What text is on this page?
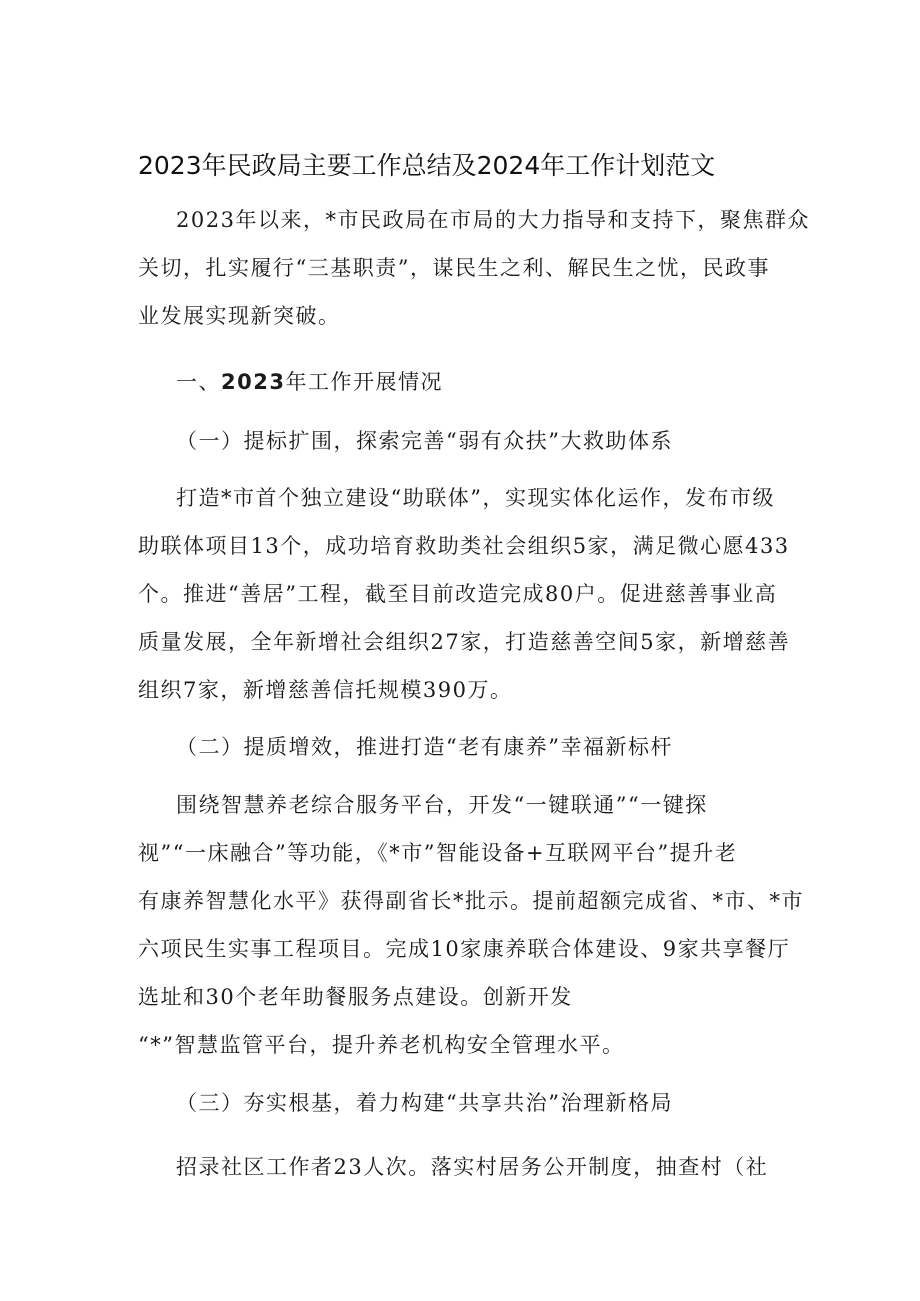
2023年民政局主要工作总结及2024年工作计划范文
2023年以来，*市民政局在市局的大力指导和支持下，聚焦群众
关切，扎实履行“三基职责”，谋民生之利、解民生之忧，民政事
业发展实现新突破。
一、2023年工作开展情况
（一）提标扩围，探索完善“弱有众扶”大救助体系
打造*市首个独立建设“助联体”，实现实体化运作，发布市级
助联体项目13个，成功培育救助类社会组织5家，满足微心愿433
个。推进“善居”工程，截至目前改造完成80户。促进慈善事业高
质量发展，全年新增社会组织27家，打造慈善空间5家，新增慈善
组织7家，新增慈善信托规模390万。
（二）提质增效，推进打造“老有康养”幸福新标杆
围绕智慧养老综合服务平台，开发“一键联通”“一键探
视”“一床融合”等功能，《*市”智能设备+互联网平台”提升老
有康养智慧化水平》获得副省长*批示。提前超额完成省、*市、*市
六项民生实事工程项目。完成10家康养联合体建设、9家共享餐厅
选址和30个老年助餐服务点建设。创新开发
“*”智慧监管平台，提升养老机构安全管理水平。
（三）夯实根基，着力构建“共享共治”治理新格局
招录社区工作者23人次。落实村居务公开制度，抽查村（社
